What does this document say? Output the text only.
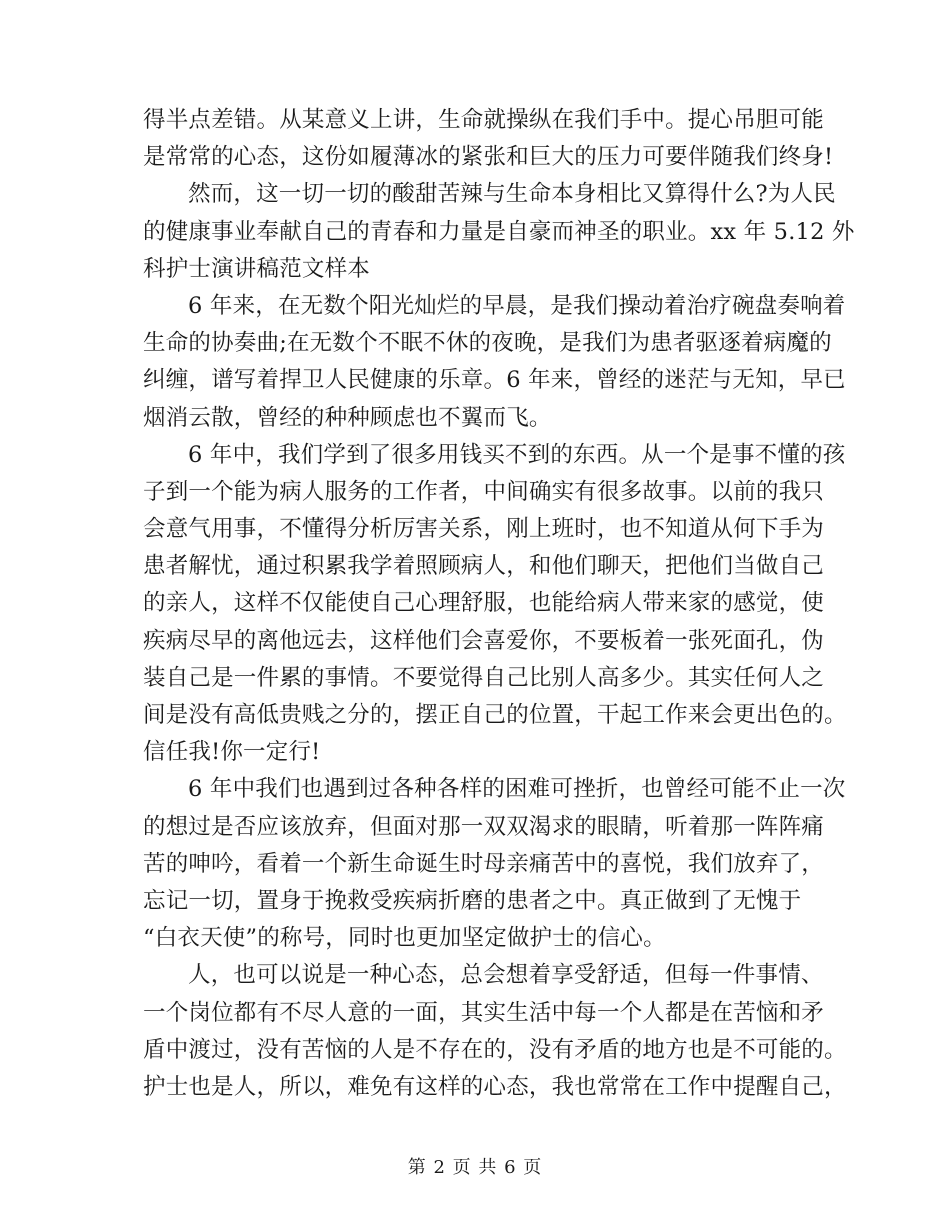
得半点差错。从某意义上讲，生命就操纵在我们手中。提心吊胆可能
是常常的心态，这份如履薄冰的紧张和巨大的压力可要伴随我们终身!
然而，这一切一切的酸甜苦辣与生命本身相比又算得什么?为人民
的健康事业奉献自己的青春和力量是自豪而神圣的职业。xx 年 5.12 外
科护士演讲稿范文样本
6 年来，在无数个阳光灿烂的早晨，是我们操动着治疗碗盘奏响着
生命的协奏曲;在无数个不眠不休的夜晚，是我们为患者驱逐着病魔的
纠缠，谱写着捍卫人民健康的乐章。6 年来，曾经的迷茫与无知，早已
烟消云散，曾经的种种顾虑也不翼而飞。
6 年中，我们学到了很多用钱买不到的东西。从一个是事不懂的孩
子到一个能为病人服务的工作者，中间确实有很多故事。以前的我只
会意气用事，不懂得分析厉害关系，刚上班时，也不知道从何下手为
患者解忧，通过积累我学着照顾病人，和他们聊天，把他们当做自己
的亲人，这样不仅能使自己心理舒服，也能给病人带来家的感觉，使
疾病尽早的离他远去，这样他们会喜爱你，不要板着一张死面孔，伪
装自己是一件累的事情。不要觉得自己比别人高多少。其实任何人之
间是没有高低贵贱之分的，摆正自己的位置，干起工作来会更出色的。
信任我!你一定行!
6 年中我们也遇到过各种各样的困难可挫折，也曾经可能不止一次
的想过是否应该放弃，但面对那一双双渴求的眼睛，听着那一阵阵痛
苦的呻吟，看着一个新生命诞生时母亲痛苦中的喜悦，我们放弃了，
忘记一切，置身于挽救受疾病折磨的患者之中。真正做到了无愧于
“白衣天使”的称号，同时也更加坚定做护士的信心。
人，也可以说是一种心态，总会想着享受舒适，但每一件事情、
一个岗位都有不尽人意的一面，其实生活中每一个人都是在苦恼和矛
盾中渡过，没有苦恼的人是不存在的，没有矛盾的地方也是不可能的。
护士也是人，所以，难免有这样的心态，我也常常在工作中提醒自己，
第 2 页 共 6 页
